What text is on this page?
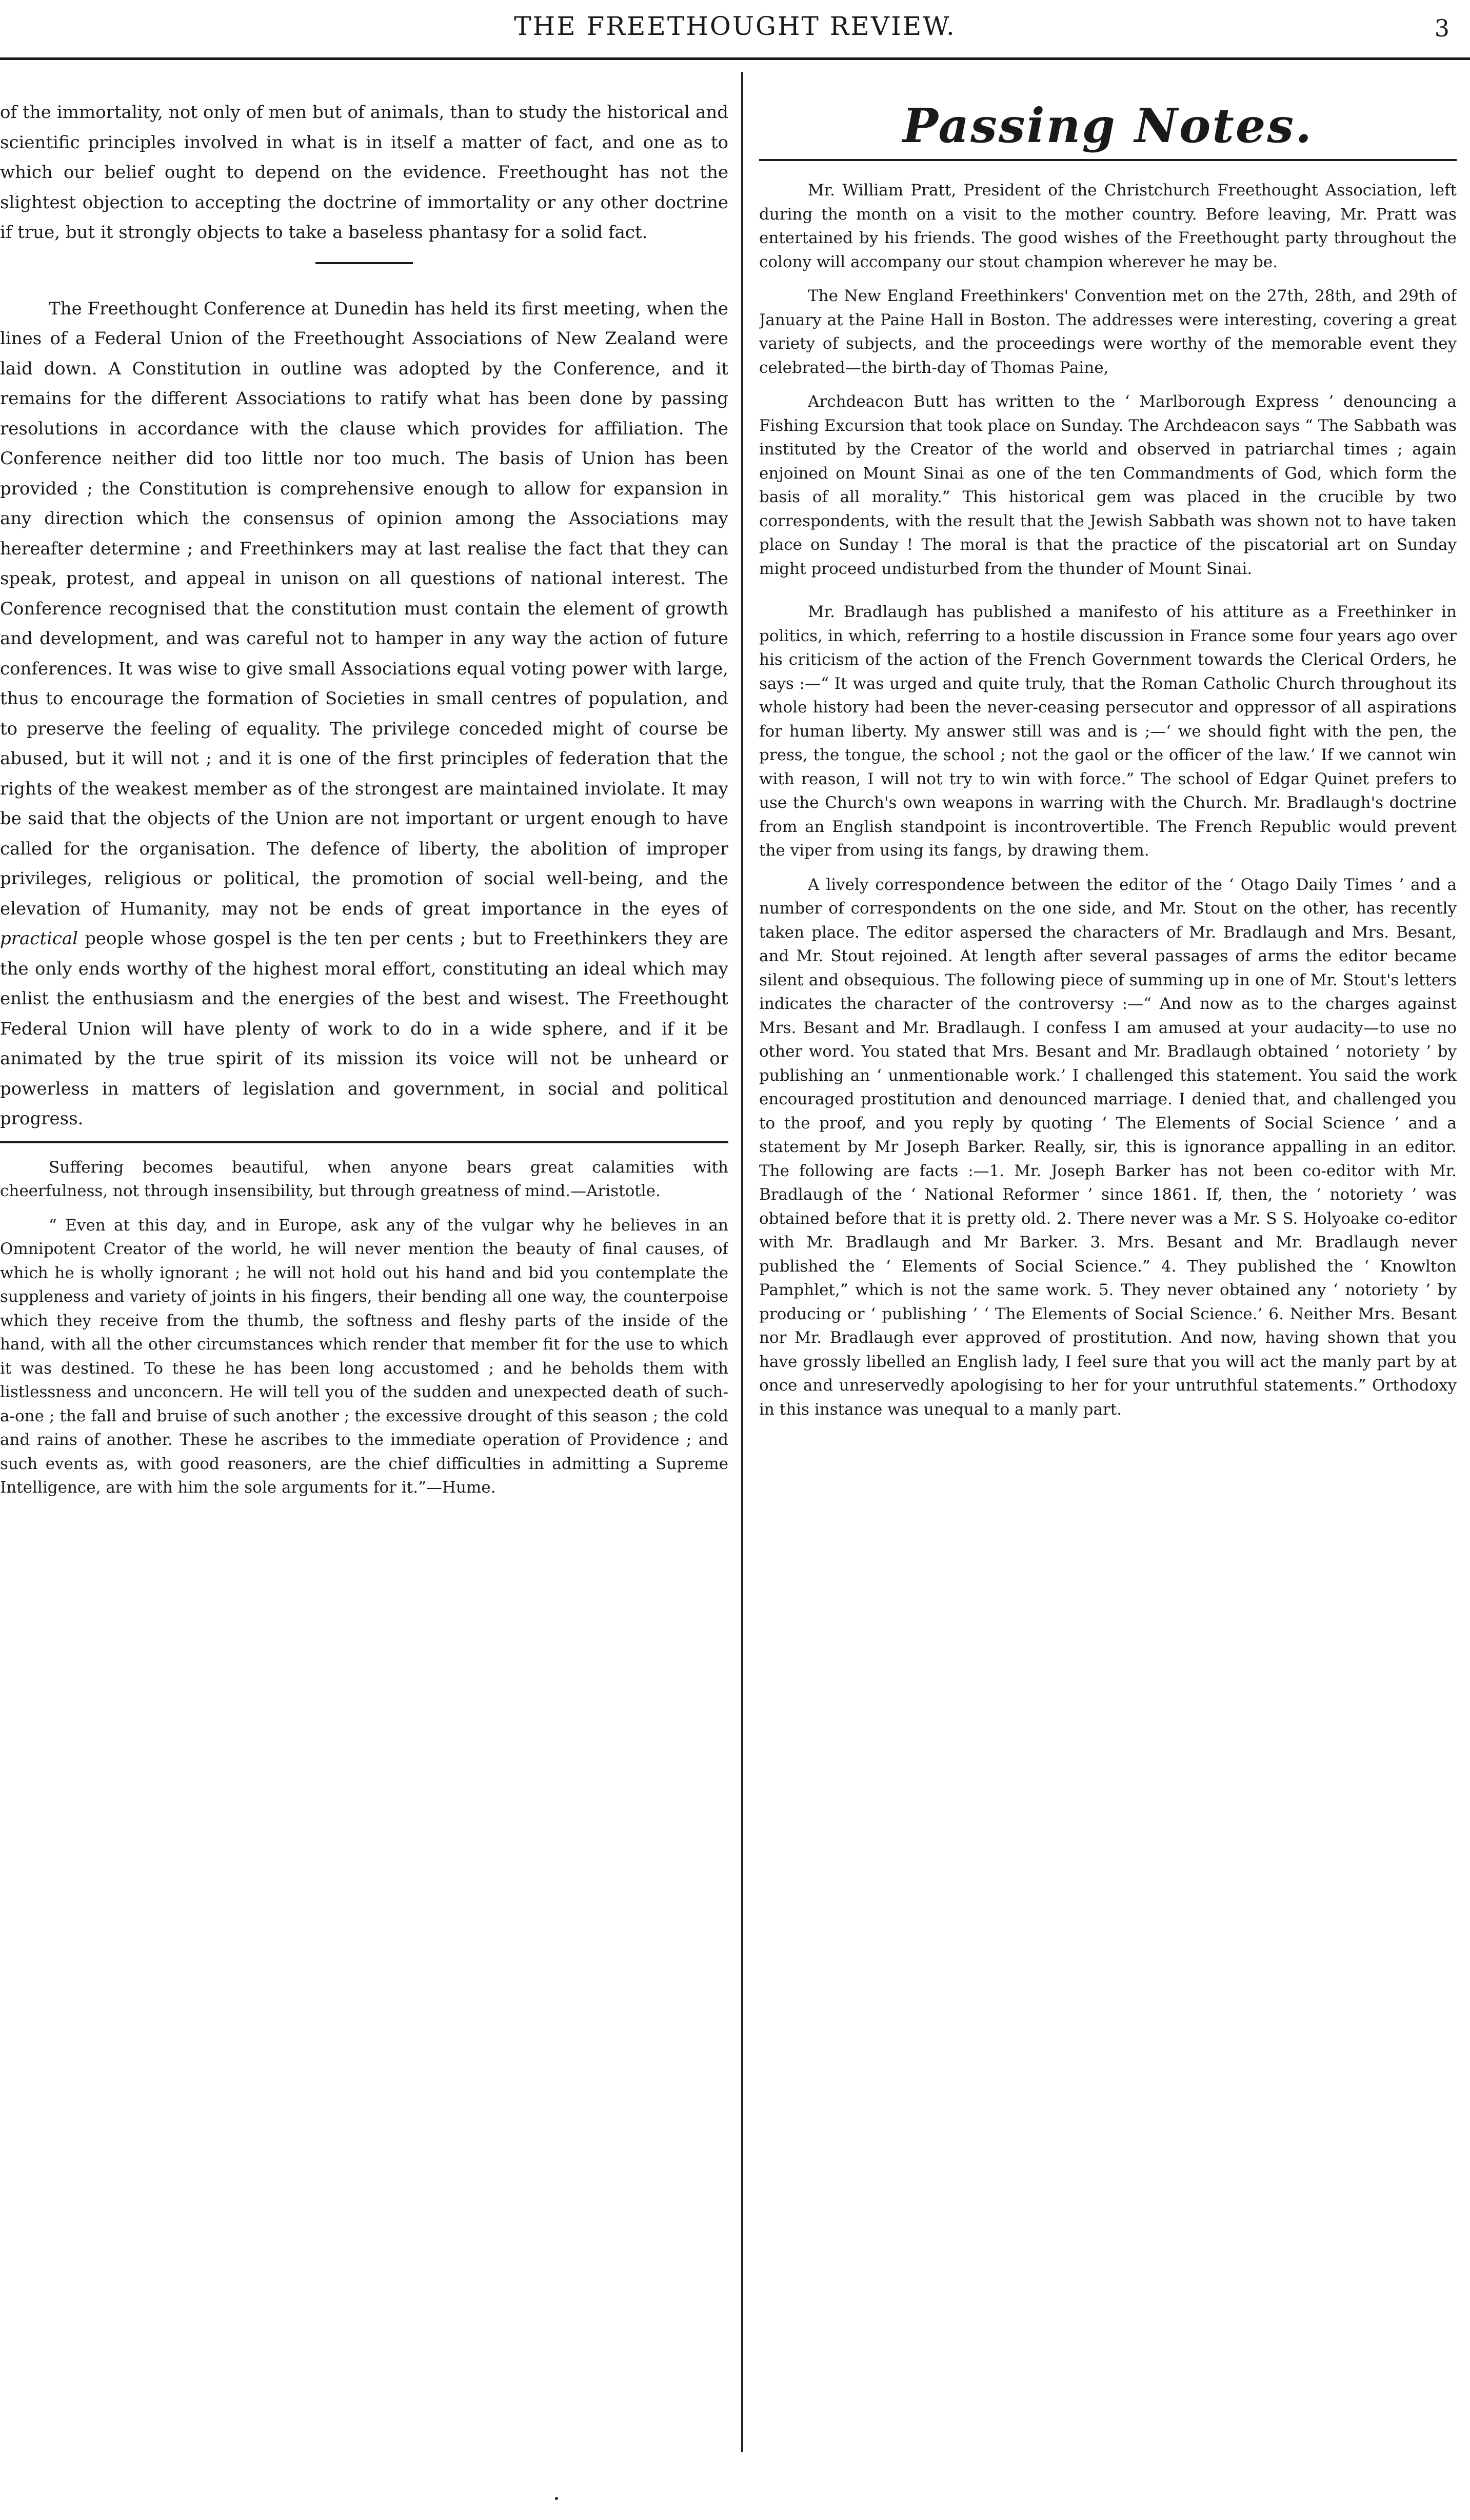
THE FREETHOUGHT REVIEW.	3

of the immortality, not only of men but of animals, than to study the historical and scientific principles involved in what is in itself a matter of fact, and one as to which our belief ought to depend on the evidence. Freethought has not the slightest objection to accepting the doctrine of immortality or any other doctrine if true, but it strongly objects to take a baseless phantasy for a solid fact.

The Freethought Conference at Dunedin has held its first meeting, when the lines of a Federal Union of the Freethought Associations of New Zealand were laid down. A Constitution in outline was adopted by the Conference, and it remains for the different Associations to ratify what has been done by passing resolutions in accordance with the clause which provides for affiliation. The Conference neither did too little nor too much. The basis of Union has been provided ; the Constitution is comprehensive enough to allow for expansion in any direction which the consensus of opinion among the Associations may hereafter determine ; and Freethinkers may at last realise the fact that they can speak, protest, and appeal in unison on all questions of national interest. The Conference recognised that the constitution must contain the element of growth and development, and was careful not to hamper in any way the action of future conferences. It was wise to give small Associations equal voting power with large, thus to encourage the formation of Societies in small centres of population, and to preserve the feeling of equality. The privilege conceded might of course be abused, but it will not ; and it is one of the first principles of federation that the rights of the weakest member as of the strongest are maintained inviolate. It may be said that the objects of the Union are not important or urgent enough to have called for the organisation. The defence of liberty, the abolition of improper privileges, religious or political, the promotion of social well-being, and the elevation of Humanity, may not be ends of great importance in the eyes of practical people whose gospel is the ten per cents ; but to Freethinkers they are the only ends worthy of the highest moral effort, constituting an ideal which may enlist the enthusiasm and the energies of the best and wisest. The Freethought Federal Union will have plenty of work to do in a wide sphere, and if it be animated by the true spirit of its mission its voice will not be unheard or powerless in matters of legislation and government, in social and political progress.

Suffering becomes beautiful, when anyone bears great calamities with cheerfulness, not through insensibility, but through greatness of mind.—Aristotle.

“ Even at this day, and in Europe, ask any of the vulgar why he believes in an Omnipotent Creator of the world, he will never mention the beauty of final causes, of which he is wholly ignorant ; he will not hold out his hand and bid you contemplate the suppleness and variety of joints in his fingers, their bending all one way, the counterpoise which they receive from the thumb, the softness and fleshy parts of the inside of the hand, with all the other circumstances which render that member fit for the use to which it was destined. To these he has been long accustomed ; and he beholds them with listlessness and unconcern. He will tell you of the sudden and unexpected death of such-a-one ; the fall and bruise of such another ; the excessive drought of this season ; the cold and rains of another. These he ascribes to the immediate operation of Providence ; and such events as, with good reasoners, are the chief difficulties in admitting a Supreme Intelligence, are with him the sole arguments for it.”—Hume.

Passing Notes.

Mr. William Pratt, President of the Christchurch Freethought Association, left during the month on a visit to the mother country. Before leaving, Mr. Pratt was entertained by his friends. The good wishes of the Freethought party throughout the colony will accompany our stout champion wherever he may be.

The New England Freethinkers' Convention met on the 27th, 28th, and 29th of January at the Paine Hall in Boston. The addresses were interesting, covering a great variety of subjects, and the proceedings were worthy of the memorable event they celebrated—the birth-day of Thomas Paine,

Archdeacon Butt has written to the ‘ Marlborough Express ’ denouncing a Fishing Excursion that took place on Sunday. The Archdeacon says “ The Sabbath was instituted by the Creator of the world and observed in patriarchal times ; again enjoined on Mount Sinai as one of the ten Commandments of God, which form the basis of all morality.” This historical gem was placed in the crucible by two correspondents, with the result that the Jewish Sabbath was shown not to have taken place on Sunday ! The moral is that the practice of the piscatorial art on Sunday might proceed undisturbed from the thunder of Mount Sinai.

Mr. Bradlaugh has published a manifesto of his attiture as a Freethinker in politics, in which, referring to a hostile discussion in France some four years ago over his criticism of the action of the French Government towards the Clerical Orders, he says :—“ It was urged and quite truly, that the Roman Catholic Church throughout its whole history had been the never-ceasing persecutor and oppressor of all aspirations for human liberty. My answer still was and is ;—‘ we should fight with the pen, the press, the tongue, the school ; not the gaol or the officer of the law.’ If we cannot win with reason, I will not try to win with force.” The school of Edgar Quinet prefers to use the Church's own weapons in warring with the Church. Mr. Bradlaugh's doctrine from an English standpoint is incontrovertible. The French Republic would prevent the viper from using its fangs, by drawing them.

A lively correspondence between the editor of the ‘ Otago Daily Times ’ and a number of correspondents on the one side, and Mr. Stout on the other, has recently taken place. The editor aspersed the characters of Mr. Bradlaugh and Mrs. Besant, and Mr. Stout rejoined. At length after several passages of arms the editor became silent and obsequious. The following piece of summing up in one of Mr. Stout's letters indicates the character of the controversy :—“ And now as to the charges against Mrs. Besant and Mr. Bradlaugh. I confess I am amused at your audacity—to use no other word. You stated that Mrs. Besant and Mr. Bradlaugh obtained ‘ notoriety ’ by publishing an ‘ unmentionable work.’ I challenged this statement. You said the work encouraged prostitution and denounced marriage. I denied that, and challenged you to the proof, and you reply by quoting ‘ The Elements of Social Science ’ and a statement by Mr Joseph Barker. Really, sir, this is ignorance appalling in an editor. The following are facts :—1. Mr. Joseph Barker has not been co-editor with Mr. Bradlaugh of the ‘ National Reformer ’ since 1861. If, then, the ‘ notoriety ’ was obtained before that it is pretty old. 2. There never was a Mr. S S. Holyoake co-editor with Mr. Bradlaugh and Mr Barker. 3. Mrs. Besant and Mr. Bradlaugh never published the ‘ Elements of Social Science.” 4. They published the ‘ Knowlton Pamphlet,” which is not the same work. 5. They never obtained any ‘ notoriety ’ by producing or ‘ publishing ’ ‘ The Elements of Social Science.’ 6. Neither Mrs. Besant nor Mr. Bradlaugh ever approved of prostitution. And now, having shown that you have grossly libelled an English lady, I feel sure that you will act the manly part by at once and unreservedly apologising to her for your untruthful statements.” Orthodoxy in this instance was unequal to a manly part.
